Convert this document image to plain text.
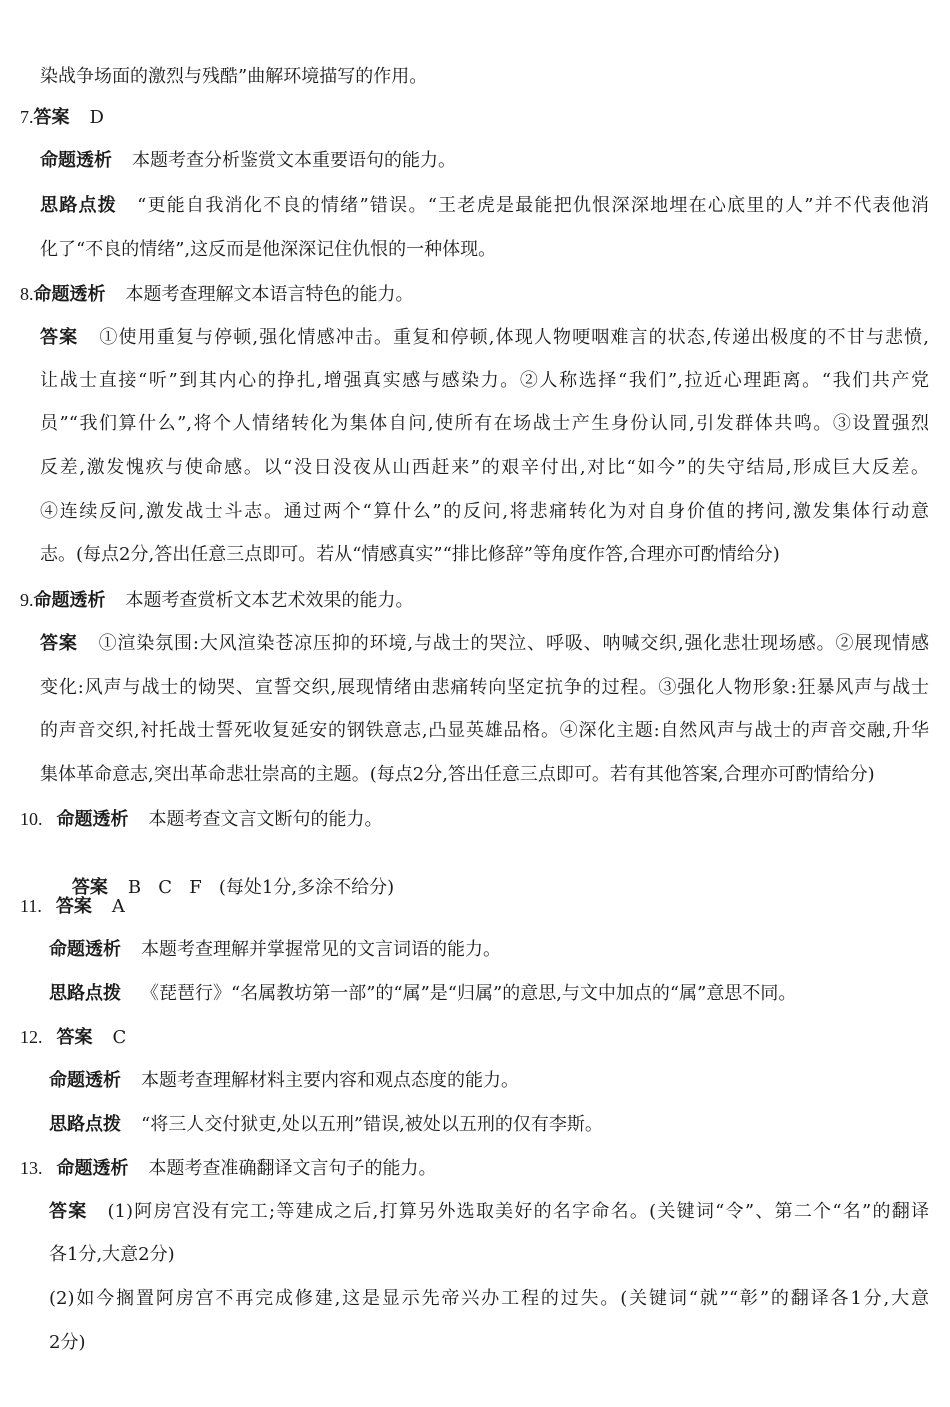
染战争场面的激烈与残酷”曲解环境描写的作用。
7.答案 D
命题透析 本题考查分析鉴赏文本重要语句的能力。
思路点拨 “更能自我消化不良的情绪”错误。“王老虎是最能把仇恨深深地埋在心底里的人”并不代表他消
化了“不良的情绪”,这反而是他深深记住仇恨的一种体现。
8.命题透析 本题考查理解文本语言特色的能力。
答案 ①使用重复与停顿,强化情感冲击。重复和停顿,体现人物哽咽难言的状态,传递出极度的不甘与悲愤,
让战士直接“听”到其内心的挣扎,增强真实感与感染力。②人称选择“我们”,拉近心理距离。“我们共产党
员”“我们算什么”,将个人情绪转化为集体自问,使所有在场战士产生身份认同,引发群体共鸣。③设置强烈
反差,激发愧疚与使命感。以“没日没夜从山西赶来”的艰辛付出,对比“如今”的失守结局,形成巨大反差。
④连续反问,激发战士斗志。通过两个“算什么”的反问,将悲痛转化为对自身价值的拷问,激发集体行动意
志。(每点2分,答出任意三点即可。若从“情感真实”“排比修辞”等角度作答,合理亦可酌情给分)
9.命题透析 本题考查赏析文本艺术效果的能力。
答案 ①渲染氛围:大风渲染苍凉压抑的环境,与战士的哭泣、呼吸、呐喊交织,强化悲壮现场感。②展现情感
变化:风声与战士的恸哭、宣誓交织,展现情绪由悲痛转向坚定抗争的过程。③强化人物形象:狂暴风声与战士
的声音交织,衬托战士誓死收复延安的钢铁意志,凸显英雄品格。④深化主题:自然风声与战士的声音交融,升华
集体革命意志,突出革命悲壮崇高的主题。(每点2分,答出任意三点即可。若有其他答案,合理亦可酌情给分)
10. 命题透析 本题考查文言文断句的能力。

答案 B   C   F   (每处1分,多涂不给分)

11. 答案 A
命题透析 本题考查理解并掌握常见的文言词语的能力。
思路点拨 《琵琶行》“名属教坊第一部”的“属”是“归属”的意思,与文中加点的“属”意思不同。
12. 答案 C
命题透析 本题考查理解材料主要内容和观点态度的能力。
思路点拨 “将三人交付狱吏,处以五刑”错误,被处以五刑的仅有李斯。
13. 命题透析 本题考查准确翻译文言句子的能力。
答案 (1)阿房宫没有完工;等建成之后,打算另外选取美好的名字命名。(关键词“令”、第二个“名”的翻译
各1分,大意2分)
(2)如今搁置阿房宫不再完成修建,这是显示先帝兴办工程的过失。(关键词“就”“彰”的翻译各1分,大意
2分)
